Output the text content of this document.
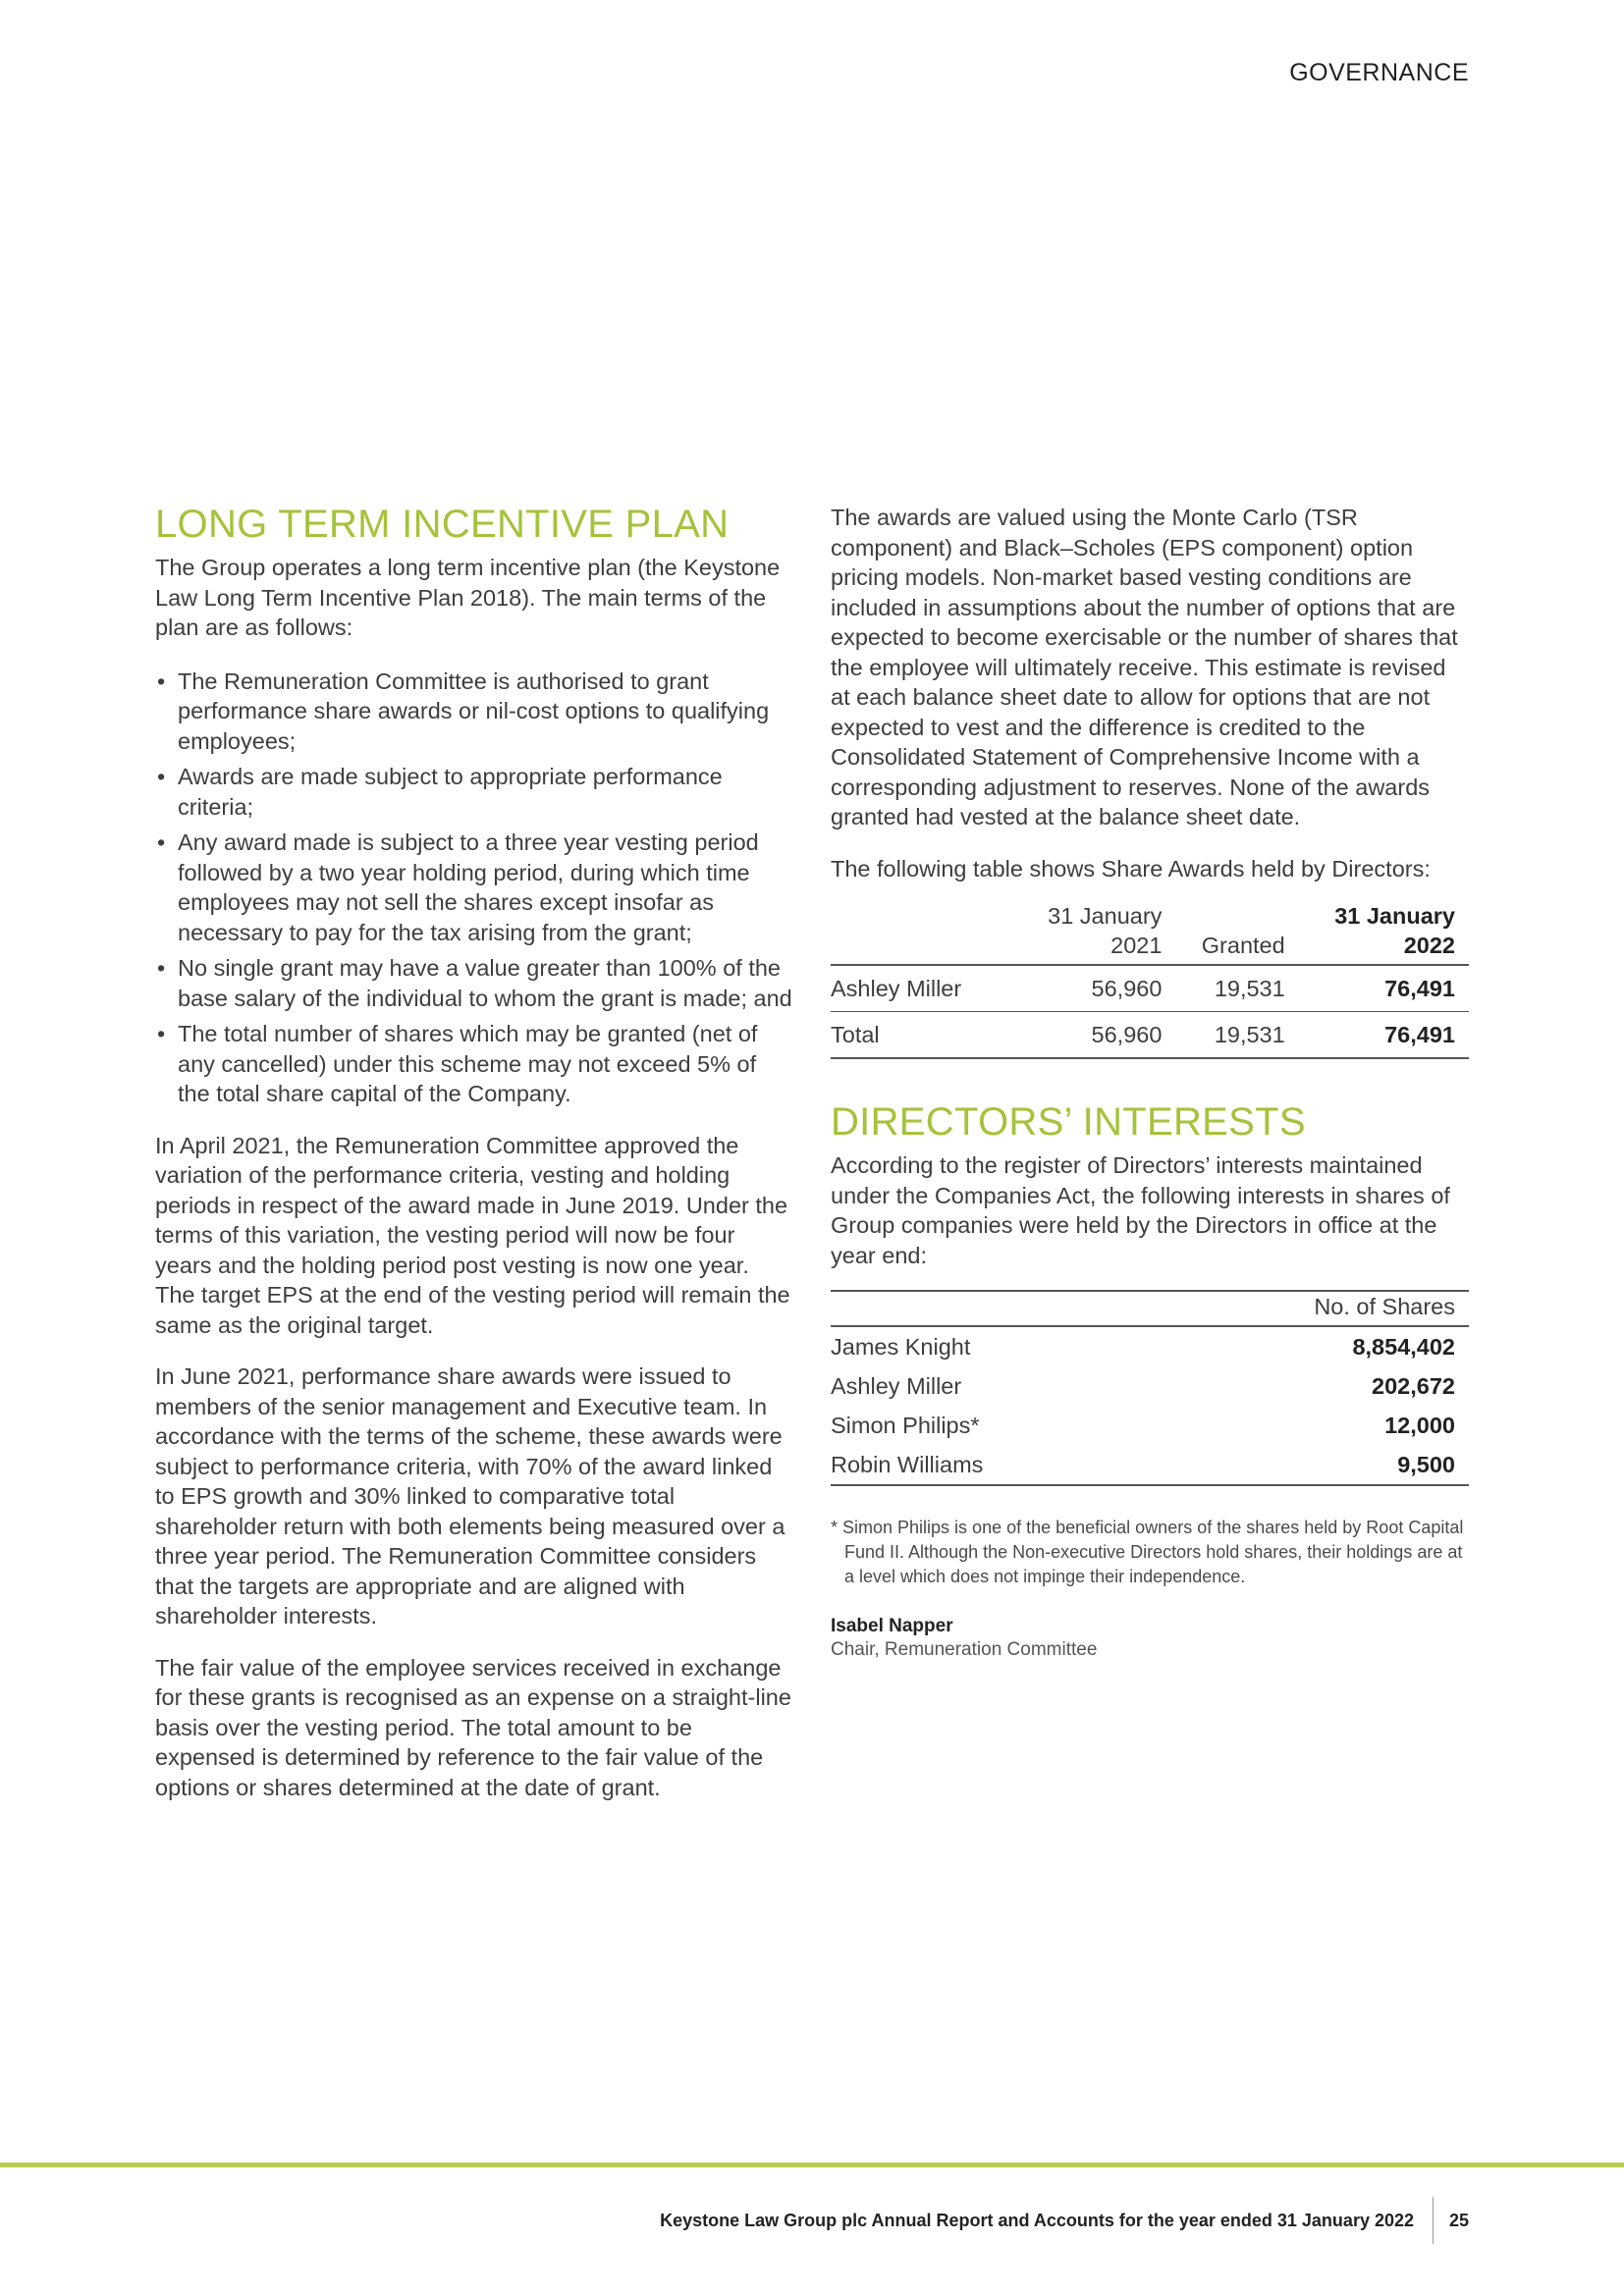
GOVERNANCE
LONG TERM INCENTIVE PLAN

The Group operates a long term incentive plan (the Keystone Law Long Term Incentive Plan 2018). The main terms of the plan are as follows:

• The Remuneration Committee is authorised to grant performance share awards or nil-cost options to qualifying employees;
• Awards are made subject to appropriate performance criteria;
• Any award made is subject to a three year vesting period followed by a two year holding period, during which time employees may not sell the shares except insofar as necessary to pay for the tax arising from the grant;
• No single grant may have a value greater than 100% of the base salary of the individual to whom the grant is made; and
• The total number of shares which may be granted (net of any cancelled) under this scheme may not exceed 5% of the total share capital of the Company.

In April 2021, the Remuneration Committee approved the variation of the performance criteria, vesting and holding periods in respect of the award made in June 2019. Under the terms of this variation, the vesting period will now be four years and the holding period post vesting is now one year. The target EPS at the end of the vesting period will remain the same as the original target.

In June 2021, performance share awards were issued to members of the senior management and Executive team. In accordance with the terms of the scheme, these awards were subject to performance criteria, with 70% of the award linked to EPS growth and 30% linked to comparative total shareholder return with both elements being measured over a three year period. The Remuneration Committee considers that the targets are appropriate and are aligned with shareholder interests.

The fair value of the employee services received in exchange for these grants is recognised as an expense on a straight-line basis over the vesting period. The total amount to be expensed is determined by reference to the fair value of the options or shares determined at the date of grant.

The awards are valued using the Monte Carlo (TSR component) and Black–Scholes (EPS component) option pricing models. Non-market based vesting conditions are included in assumptions about the number of options that are expected to become exercisable or the number of shares that the employee will ultimately receive. This estimate is revised at each balance sheet date to allow for options that are not expected to vest and the difference is credited to the Consolidated Statement of Comprehensive Income with a corresponding adjustment to reserves. None of the awards granted had vested at the balance sheet date.

The following table shows Share Awards held by Directors:

	31 January
2021	Granted	31 January
2022
Ashley Miller	56,960	19,531	76,491
Total	56,960	19,531	76,491
DIRECTORS’ INTERESTS

According to the register of Directors’ interests maintained under the Companies Act, the following interests in shares of Group companies were held by the Directors in office at the year end:

	No. of Shares
James Knight	8,854,402
Ashley Miller	202,672
Simon Philips*	12,000
Robin Williams	9,500
* Simon Philips is one of the beneficial owners of the shares held by Root Capital Fund II. Although the Non-executive Directors hold shares, their holdings are at a level which does not impinge their independence.
Isabel Napper
Chair, Remuneration Committee
Keystone Law Group plc Annual Report and Accounts for the year ended 31 January 2022 25
